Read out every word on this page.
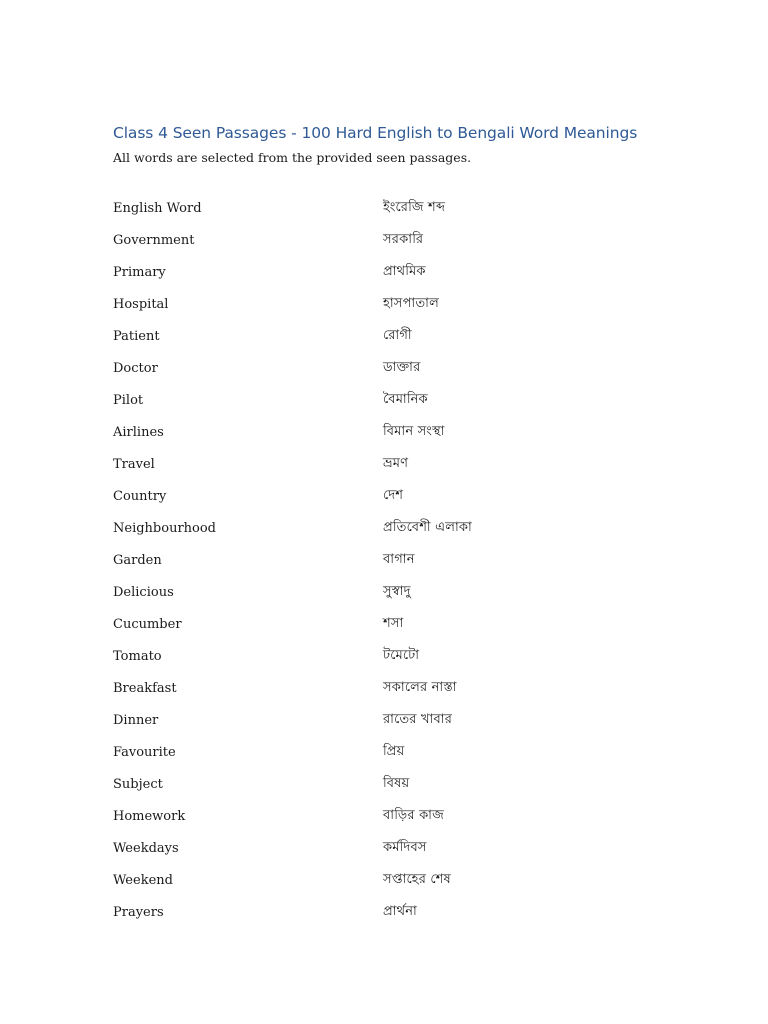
Class 4 Seen Passages - 100 Hard English to Bengali Word Meanings
All words are selected from the provided seen passages.
English Word	ইংরেজি শব্দ
Government	সরকারি
Primary	প্রাথমিক
Hospital	হাসপাতাল
Patient	রোগী
Doctor	ডাক্তার
Pilot	বৈমানিক
Airlines	বিমান সংস্থা
Travel	ভ্রমণ
Country	দেশ
Neighbourhood	প্রতিবেশী এলাকা
Garden	বাগান
Delicious	সুস্বাদু
Cucumber	শসা
Tomato	টমেটো
Breakfast	সকালের নাস্তা
Dinner	রাতের খাবার
Favourite	প্রিয়
Subject	বিষয়
Homework	বাড়ির কাজ
Weekdays	কর্মদিবস
Weekend	সপ্তাহের শেষ
Prayers	প্রার্থনা
